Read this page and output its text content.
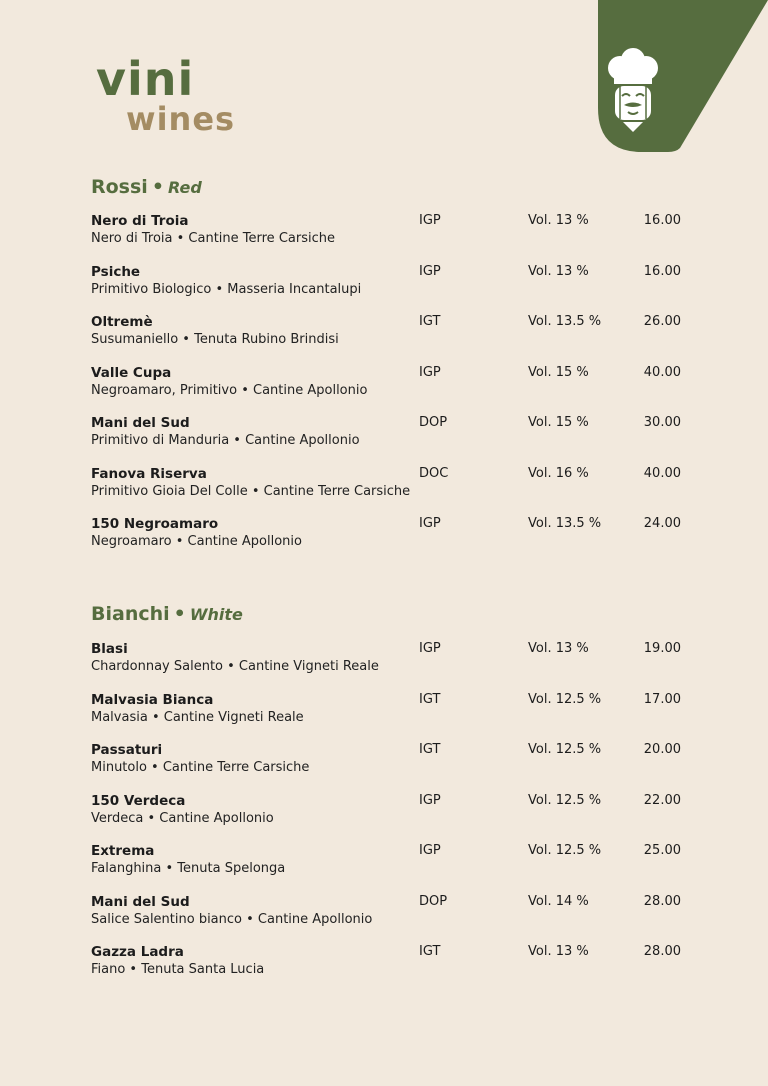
vini
wines
Rossi • Red
Nero di Troia
Nero di Troia • Cantine Terre Carsiche
IGP	Vol. 13 %	16.00
Psiche
Primitivo Biologico • Masseria Incantalupi
IGP	Vol. 13 %	16.00
Oltremè
Susumaniello • Tenuta Rubino Brindisi
IGT	Vol. 13.5 %	26.00
Valle Cupa
Negroamaro, Primitivo • Cantine Apollonio
IGP	Vol. 15 %	40.00
Mani del Sud
Primitivo di Manduria • Cantine Apollonio
DOP	Vol. 15 %	30.00
Fanova Riserva
Primitivo Gioia Del Colle • Cantine Terre Carsiche
DOC	Vol. 16 %	40.00
150 Negroamaro
Negroamaro • Cantine Apollonio
IGP	Vol. 13.5 %	24.00
Bianchi • White
Blasi
Chardonnay Salento • Cantine Vigneti Reale
IGP	Vol. 13 %	19.00
Malvasia Bianca
Malvasia • Cantine Vigneti Reale
IGT	Vol. 12.5 %	17.00
Passaturi
Minutolo • Cantine Terre Carsiche
IGT	Vol. 12.5 %	20.00
150 Verdeca
Verdeca • Cantine Apollonio
IGP	Vol. 12.5 %	22.00
Extrema
Falanghina • Tenuta Spelonga
IGP	Vol. 12.5 %	25.00
Mani del Sud
Salice Salentino bianco • Cantine Apollonio
DOP	Vol. 14 %	28.00
Gazza Ladra
Fiano • Tenuta Santa Lucia
IGT	Vol. 13 %	28.00
